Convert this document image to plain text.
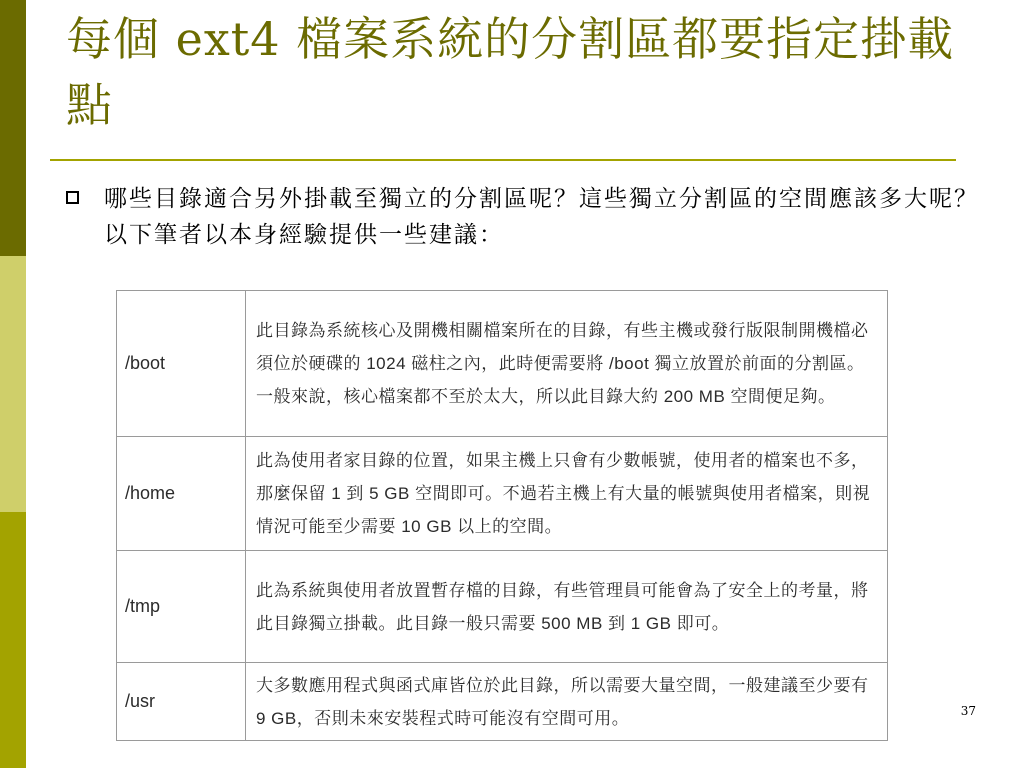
每個 ext4 檔案系統的分割區都要指定掛載點

哪些目錄適合另外掛載至獨立的分割區呢？這些獨立分割區的空間應該多大呢？以下筆者以本身經驗提供一些建議：

/boot	此目錄為系統核心及開機相關檔案所在的目錄，有些主機或發行版限制開機檔必須位於硬碟的 1024 磁柱之內，此時便需要將 /boot 獨立放置於前面的分割區。一般來說，核心檔案都不至於太大，所以此目錄大約 200 MB 空間便足夠。
/home	此為使用者家目錄的位置，如果主機上只會有少數帳號，使用者的檔案也不多，那麼保留 1 到 5 GB 空間即可。不過若主機上有大量的帳號與使用者檔案，則視情況可能至少需要 10 GB 以上的空間。
/tmp	此為系統與使用者放置暫存檔的目錄，有些管理員可能會為了安全上的考量，將此目錄獨立掛載。此目錄一般只需要 500 MB 到 1 GB 即可。
/usr	大多數應用程式與函式庫皆位於此目錄，所以需要大量空間，一般建議至少要有 9 GB，否則未來安裝程式時可能沒有空間可用。	37
